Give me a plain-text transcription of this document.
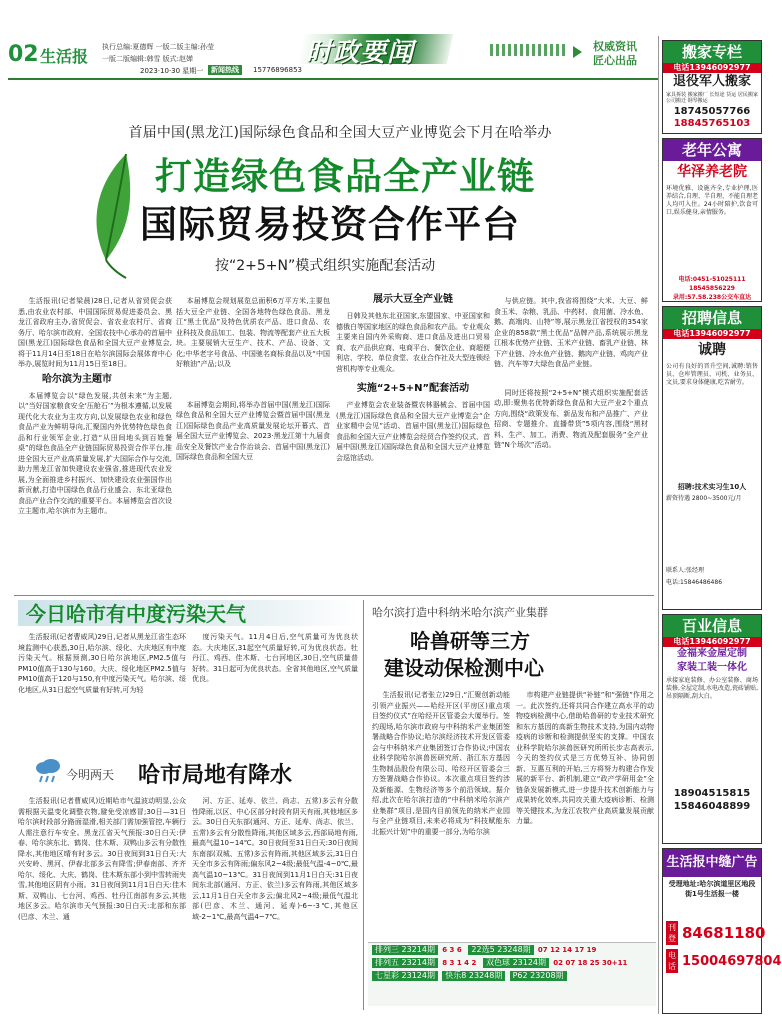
02 生活报 执行总编:夏德辉 一版二版主编:孙莹
一版二版编辑:韩雪 版式:赵婵	时政要闻	权威资讯
匠心出品
2023·10·30 星期一	新闻热线	15776896853
首届中国(黑龙江)国际绿色食品和全国大豆产业博览会下月在哈举办
打造绿色食品全产业链
国际贸易投资合作平台
按“2+5+N”模式组织实施配套活动

生活报讯(记者梁晨)28日,记者从省贸促会获悉,由农业农村部、中国国际贸易促进委员会、黑龙江省政府主办,省贸促会、省农业农村厅、省商务厅、哈尔滨市政府、全国农技中心承办的首届中国(黑龙江)国际绿色食品和全国大豆产业博览会,将于11月14日至18日在哈尔滨国际会展体育中心举办,展览时间为11月15日至18日。

哈尔滨为主题市

本届博览会以“绿色发展,共创未来”为主题,以“当好国家粮食安全‘压舱石’”为根本遵循,以发展现代化大农业为主攻方向,以发展绿色农业和绿色食品产业为鲜明导向,汇聚国内外优势特色绿色食品和行业领军企业,打造“从田间地头到百姓餐桌”的绿色食品全产业链国际贸易投资合作平台,推进全国大豆产业高质量发展,扩大国际合作与交流,助力黑龙江省加快建设农业强省,推进现代农业发展,为全面推进乡村振兴、加快建设农业强国作出新贡献,打造中国绿色食品行业盛会、东北亚绿色食品产业合作交流的重要平台。本届博览会首次设立主题市,哈尔滨市为主题市。

本届博览会规划展览总面积6万平方米,主要包括大豆全产业链、全国各地特色绿色食品、黑龙江“黑土优品”及特色优质农产品、进口食品、农业科技及食品加工、包装、物流等配套产业五大板块。主要展销大豆生产、技术、产品、设备、文化;中华老字号食品、中国驰名商标食品以及“中国好粮油”产品;以及

本届博览会期间,将举办首届中国(黑龙江)国际绿色食品和全国大豆产业博览会暨首届中国(黑龙江)国际绿色食品产业高质量发展论坛开幕式、首届全国大豆产业博览会、2023·黑龙江第十九届食品安全及餐饮产业合作治谈会、首届中国(黑龙江)国际绿色食品和全国大豆

展示大豆全产业链

日韩及其他东北亚国家,东盟国家、中亚国家和德俄白等国家地区的绿色食品和农产品。专业观众主要来自国内外采购商、进口食品及进出口贸易商、农产品供应商、电商平台、餐饮企业、商超便利店、学校、单位食堂、农业合作社及大型连锁经营机构等专业观众。

实施“2+5+N”配套活动

产业博览会农业装备暨农林器械会、首届中国(黑龙江)国际绿色食品和全国大豆产业博览会“企业家精中会见”活动、首届中国(黑龙江)国际绿色食品和全国大豆产业博览会经贸合作签约仪式、首届中国(黑龙江)国际绿色食品和全国大豆产业博览会巡馆活动。

与供应链。其中,我省将围绕“大米、大豆、鲜食玉米、杂粮、乳品、中药材、食用菌、冷水鱼、鹅、高端肉、山特”等,展示黑龙江省授权的354家企业的858款“黑土优品”品牌产品,系统展示黑龙江根本优势产业链、玉米产业链、畜乳产业链、林下产业链、冷水鱼产业链、鹅肉产业链、鸡肉产业链、汽车等7大绿色食品产业链。

同时还将按照“2+5+N”模式组织实施配套活动,即:聚焦名优特新绿色食品和大豆产业2个重点方向,围绕“政策发布、新品发布和产品推广、产业招商、专题推介、直播带货”5项内容,围绕“黑材料、生产、加工、消费、物流及配套服务”全产业链“N个场次”活动。

今日哈市有中度污染天气

生活报讯(记者曹威风)29日,记者从黑龙江省生态环境监测中心获悉,30日,哈尔滨、绥化、大庆地区有中度污染天气。根据预测,30日哈尔滨地区,PM2.5值与PM10值高于130与160。大庆、绥化地区PM2.5值与PM10值高于120与150,有中度污染天气。哈尔滨、绥化地区,从31日起空气质量有好转,可为轻

度污染天气。11月4日后,空气质量可为优良状态。大庆地区,31起空气质量好转,可为优良状态。牡丹江、鸡西、佳木斯、七台河地区,30日,空气质量普好转。31日起可为优良状态。全省其他地区,空气质量优良。

今明两天 哈市局地有降水

生活报讯(记者曹威风)近期哈市气温波动明显,公众需根据天温变化调整衣物,避免受凉感冒;30日—31日哈尔滨时段部分路面湿滑,相关部门需加强管控,车辆行人需注意行车安全。黑龙江省天气预报:30日白天:伊春、哈尔滨东北、鹤岗、佳木斯、双鸭山多云有分散性降水,其他地区晴有时多云。30日夜间到31日白天:大兴安岭、黑河、伊春北部多云有降雪;伊春南部、齐齐哈尔、绥化、大庆、鹤岗、佳木斯东部小到中雪转雨夹雪,其他地区阴有小雨。31日夜间到11月1日白天:佳木斯、双鸭山、七台河、鸡西、牡丹江南部有多云,其他地区多云。哈尔滨市天气预报:30日白天:北部和东部(巴彦、木兰、通

河、方正、延寿、依兰、尚志、五常)多云有分散性降雨,以区、中心区部分时段有阴天有雨,其他地区多云。30日白天东部(通河、方正、延寿、尚志、依兰、五常)多云有分散性降雨,其他区域多云,西部局地有雨,最高气温10~14℃。30日夜间至31日白天:30日夜间东南部(双城、五常)多云有阵雨,其他区域多云,31日白天全市多云有阵雨;偏东风2~4级;最低气温-4~0℃,最高气温10~13℃。31日夜间到11月1日白天:31日夜间东北部(通河、方正、依兰)多云有阵雨,其他区域多云,11月1日白天全市多云;偏北风2~4级;最低气温北部(巴彦、木兰、通河、延寿)-6~-3℃,其他区域-2~1℃,最高气温4~7℃。

哈尔滨打造中科纳米哈尔滨产业集群
哈兽研等三方
建设动保检测中心

生活报讯(记者张立)29日,“汇聚创新动能 引领产业振兴——哈经开区(平房区)重点项目签约仪式”在哈经开区管委会大厦举行。签约现场,哈尔滨市政府与中科纳米产业集团签署战略合作协议;哈尔滨经济技术开发区管委会与中科纳米产业集团签订合作协议;中国农业科学院哈尔滨兽医研究所、浙江东方基因生物制品股份有限公司、哈经开区管委会三方签署战略合作协议。本次重点项目签约涉及新能源、生物经济等多个前沿领域。据介绍,此次在哈尔滨打造的“中科纳米哈尔滨产业集群”项目,是国内目前领先的纳米产业园与全产业链项目,未来必将成为“科技赋能东北振兴计划”中的重要一部分,为哈尔滨

市构建产业链提供“补链”和“强链”作用之一。此次签约,还将共同合作建立高水平的动物疫病检测中心,借助哈兽研的专业技术研究和东方基因的高新生物技术支持,为国内动物疫病的诊断和检测提供坚实的支撑。中国农业科学院哈尔滨兽医研究所所长步志高表示,今天的签约仪式是三方优势互补、协同创新、互惠互利的开始,三方将努力构建合作发展的新平台、新机制,建立“政产学研用金”全链条发展新模式,进一步提升技术创新能力与成果转化效率,共同攻关重大疫病诊断、检测等关键技术,为龙江农牧产业高质量发展贡献力量。

排列三 23214期 6 3 6 22选5 23248期 07 12 14 17 19
排列五 23214期 8 3 1 4 2 双色球 23124期 02 07 18 25 30+11
七星彩 23124期 快乐8 23248期 P62 23208期
搬家专栏
电话13946092977
退役军人搬家
家具拆装 搬家搬厂 长短途 货运 居民搬家 公司搬迁 钢琴搬运
18745057766
18845765103
老年公寓
华泽养老院
环境优雅、设施齐全,专业护理,医养结合,自理、半自理、不能自理老人均可入住。24小时陪护,饮食可口,娱乐健身,亲情服务。
电话:0451-51025111 18545856229
录用:57.58.238公交车直达
招聘信息
电话13946092977
诚聘
公司有良好的晋升空间,诚聘:销售员、仓库管理员、司机、业务员、文员,要求身体健康,吃苦耐劳。
招聘:技术实习生10人
薪资待遇 2800~3500元/月
联系人:张经理
电话:15846486486
百业信息
电话13946092977
金福来金屋定制
家装工装一体化
承接家庭装修、办公室装修、商场装修,全屋定制,水电改造,瓷砖铺贴,吊顶隔断,刮大白。
18904515815
15846048899
生活报中缝广告
受理地址:哈尔滨道里区地段街1号生活报一楼
刊登 84681180
电话 15004697804
